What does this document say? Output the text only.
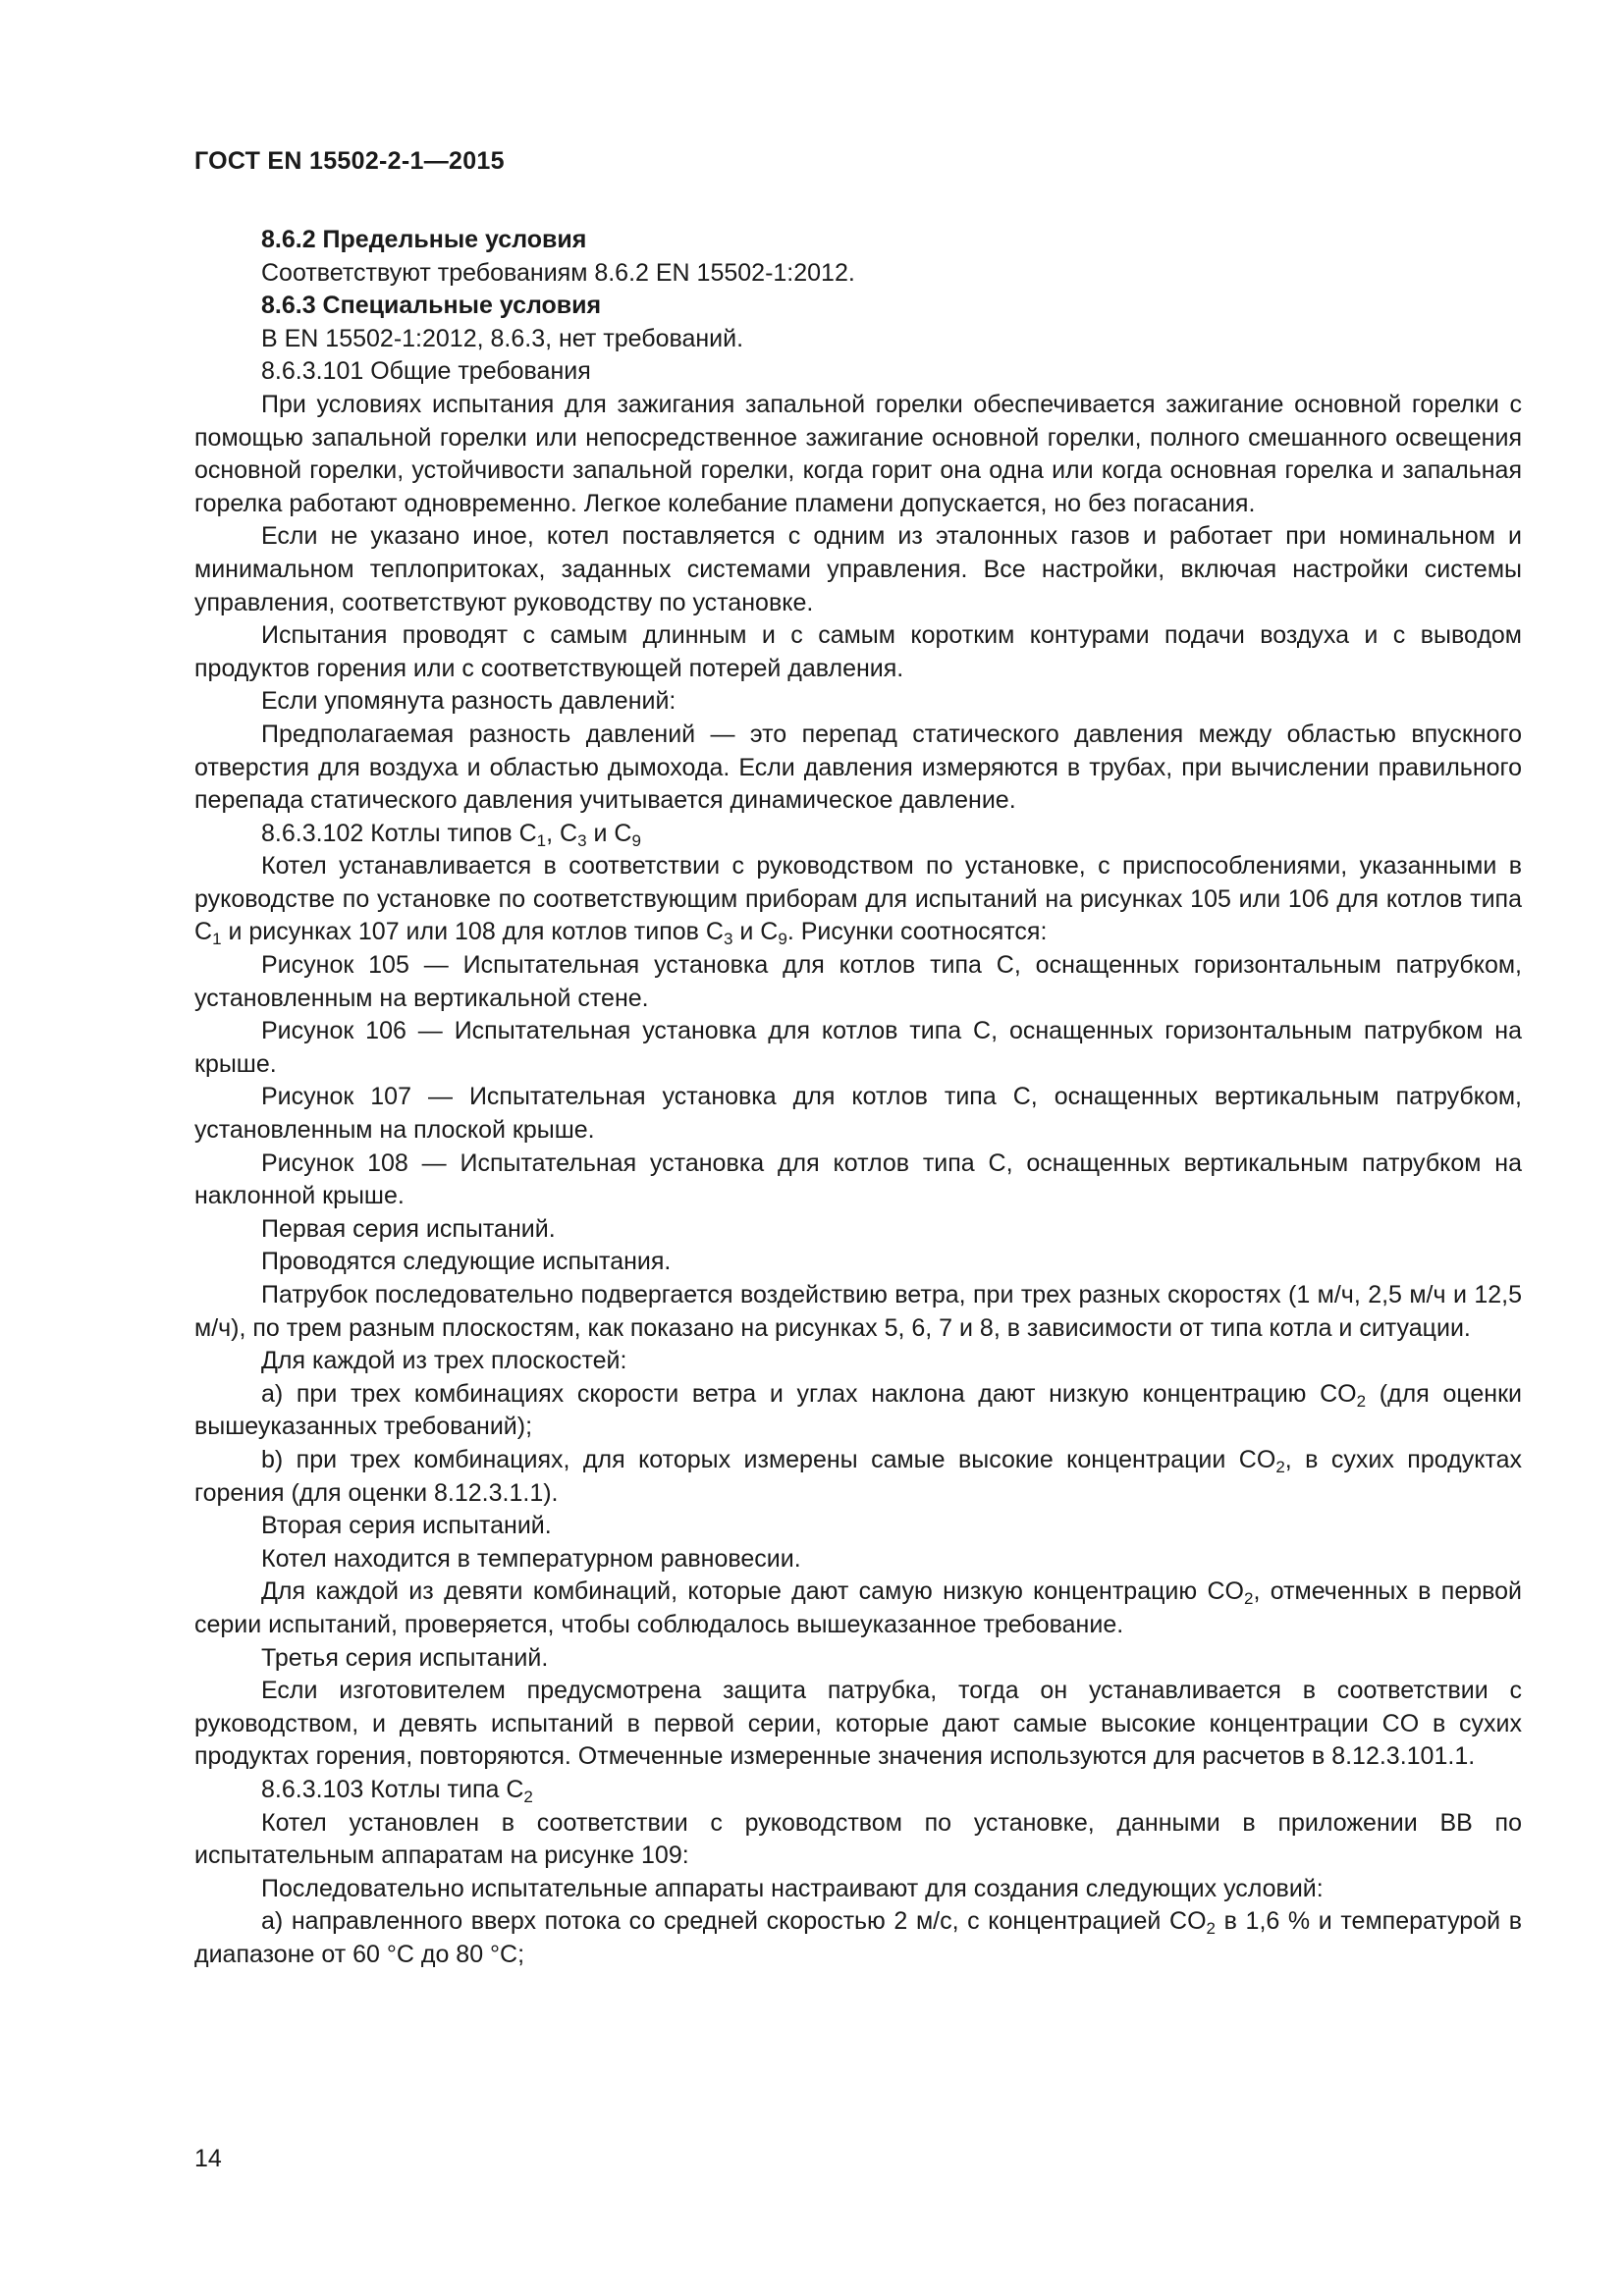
ГОСТ EN 15502-2-1—2015

8.6.2 Предельные условия

Соответствуют требованиям 8.6.2 EN 15502-1:2012.

8.6.3 Специальные условия

В EN 15502-1:2012, 8.6.3, нет требований.

8.6.3.101 Общие требования

При условиях испытания для зажигания запальной горелки обеспечивается зажигание основной горелки с помощью запальной горелки или непосредственное зажигание основной горелки, полного смешанного освещения основной горелки, устойчивости запальной горелки, когда горит она одна или когда основная горелка и запальная горелка работают одновременно. Легкое колебание пламени допускается, но без погасания.

Если не указано иное, котел поставляется с одним из эталонных газов и работает при номинальном и минимальном теплопритоках, заданных системами управления. Все настройки, включая настройки системы управления, соответствуют руководству по установке.

Испытания проводят с самым длинным и с самым коротким контурами подачи воздуха и с выводом продуктов горения или с соответствующей потерей давления.

Если упомянута разность давлений:

Предполагаемая разность давлений — это перепад статического давления между областью впускного отверстия для воздуха и областью дымохода. Если давления измеряются в трубах, при вычислении правильного перепада статического давления учитывается динамическое давление.

8.6.3.102 Котлы типов $С_1$, $С_3$ и $С_9$

Котел устанавливается в соответствии с руководством по установке, с приспособлениями, указанными в руководстве по установке по соответствующим приборам для испытаний на рисунках 105 или 106 для котлов типа $С_1$ и рисунках 107 или 108 для котлов типов $С_3$ и $С_9$. Рисунки соотносятся:

Рисунок 105 — Испытательная установка для котлов типа С, оснащенных горизонтальным патрубком, установленным на вертикальной стене.

Рисунок 106 — Испытательная установка для котлов типа С, оснащенных горизонтальным патрубком на крыше.

Рисунок 107 — Испытательная установка для котлов типа С, оснащенных вертикальным патрубком, установленным на плоской крыше.

Рисунок 108 — Испытательная установка для котлов типа С, оснащенных вертикальным патрубком на наклонной крыше.

Первая серия испытаний.

Проводятся следующие испытания.

Патрубок последовательно подвергается воздействию ветра, при трех разных скоростях (1 м/ч, 2,5 м/ч и 12,5 м/ч), по трем разным плоскостям, как показано на рисунках 5, 6, 7 и 8, в зависимости от типа котла и ситуации.

Для каждой из трех плоскостей:

a) при трех комбинациях скорости ветра и углах наклона дают низкую концентрацию $CO_2$ (для оценки вышеуказанных требований);

b) при трех комбинациях, для которых измерены самые высокие концентрации $CO_2$, в сухих продуктах горения (для оценки 8.12.3.1.1).

Вторая серия испытаний.

Котел находится в температурном равновесии.

Для каждой из девяти комбинаций, которые дают самую низкую концентрацию $CO_2$, отмеченных в первой серии испытаний, проверяется, чтобы соблюдалось вышеуказанное требование.

Третья серия испытаний.

Если изготовителем предусмотрена защита патрубка, тогда он устанавливается в соответствии с руководством, и девять испытаний в первой серии, которые дают самые высокие концентрации CO в сухих продуктах горения, повторяются. Отмеченные измеренные значения используются для расчетов в 8.12.3.101.1.

8.6.3.103 Котлы типа $С_2$

Котел установлен в соответствии с руководством по установке, данными в приложении ВВ по испытательным аппаратам на рисунке 109:

Последовательно испытательные аппараты настраивают для создания следующих условий:

a) направленного вверх потока со средней скоростью 2 м/с, с концентрацией $CO_2$ в 1,6 % и температурой в диапазоне от 60 °С до 80 °С;

14
